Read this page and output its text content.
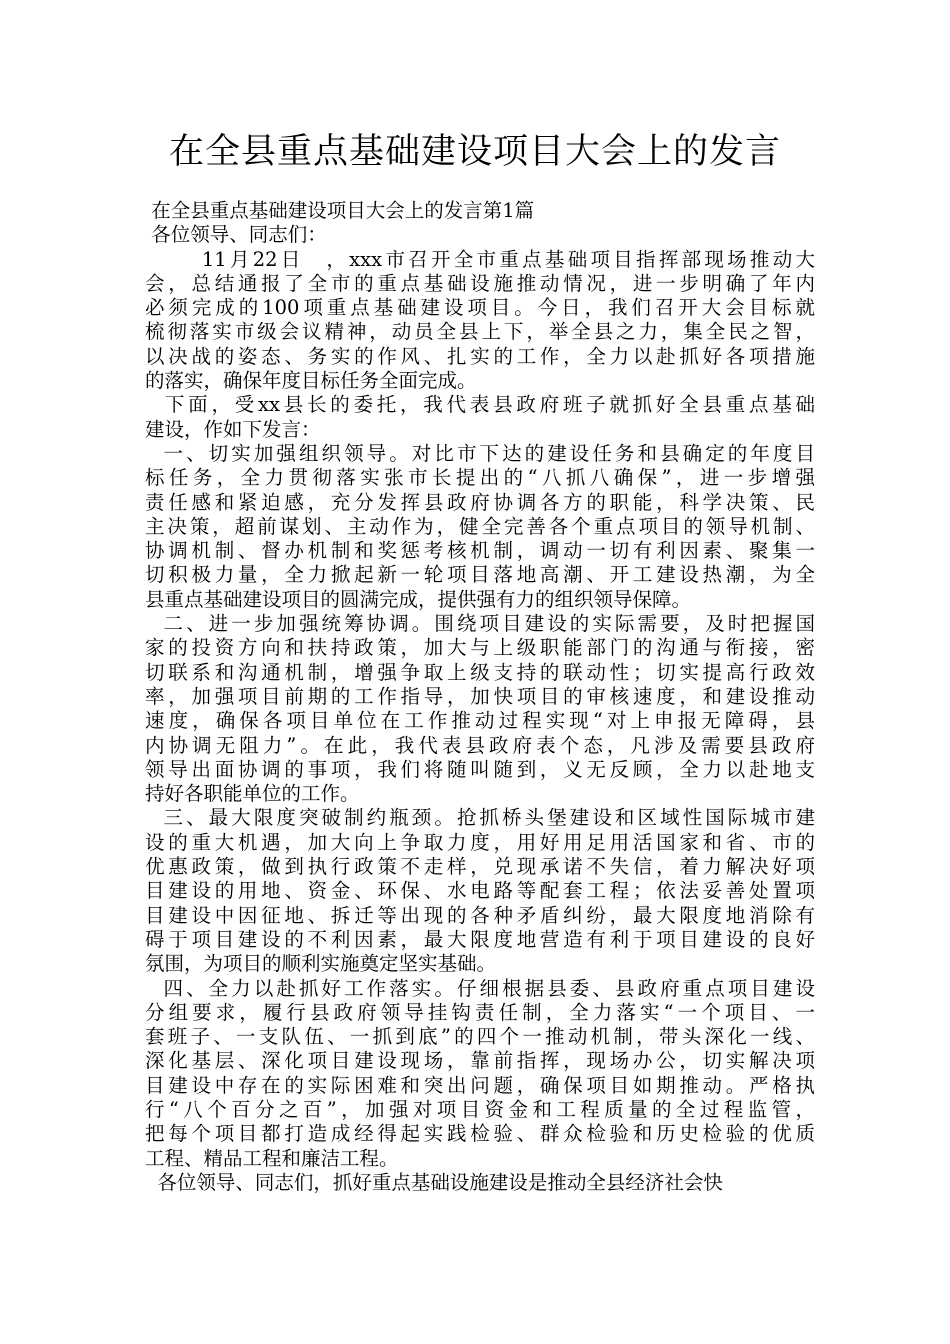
在全县重点基础建设项目大会上的发言
在全县重点基础建设项目大会上的发言第1篇
各位领导、同志们：
11月22日　，xxx市召开全市重点基础项目指挥部现场推动大
会，总结通报了全市的重点基础设施推动情况，进一步明确了年内
必须完成的100项重点基础建设项目。今日，我们召开大会目标就
梳彻落实市级会议精神，动员全县上下，举全县之力，集全民之智，
以决战的姿态、务实的作风、扎实的工作，全力以赴抓好各项措施
的落实，确保年度目标任务全面完成。
下面，受xx县长的委托，我代表县政府班子就抓好全县重点基础
建设，作如下发言：
一、切实加强组织领导。对比市下达的建设任务和县确定的年度目
标任务，全力贯彻落实张市长提出的“八抓八确保”，进一步增强
责任感和紧迫感，充分发挥县政府协调各方的职能，科学决策、民
主决策，超前谋划、主动作为，健全完善各个重点项目的领导机制、
协调机制、督办机制和奖惩考核机制，调动一切有利因素、聚集一
切积极力量，全力掀起新一轮项目落地高潮、开工建设热潮，为全
县重点基础建设项目的圆满完成，提供强有力的组织领导保障。
二、进一步加强统筹协调。围绕项目建设的实际需要，及时把握国
家的投资方向和扶持政策，加大与上级职能部门的沟通与衔接，密
切联系和沟通机制，增强争取上级支持的联动性；切实提高行政效
率，加强项目前期的工作指导，加快项目的审核速度，和建设推动
速度，确保各项目单位在工作推动过程实现“对上申报无障碍，县
内协调无阻力”。在此，我代表县政府表个态，凡涉及需要县政府
领导出面协调的事项，我们将随叫随到，义无反顾，全力以赴地支
持好各职能单位的工作。
三、最大限度突破制约瓶颈。抢抓桥头堡建设和区域性国际城市建
设的重大机遇，加大向上争取力度，用好用足用活国家和省、市的
优惠政策，做到执行政策不走样，兑现承诺不失信，着力解决好项
目建设的用地、资金、环保、水电路等配套工程；依法妥善处置项
目建设中因征地、拆迁等出现的各种矛盾纠纷，最大限度地消除有
碍于项目建设的不利因素，最大限度地营造有利于项目建设的良好
氛围，为项目的顺利实施奠定坚实基础。
四、全力以赴抓好工作落实。仔细根据县委、县政府重点项目建设
分组要求，履行县政府领导挂钩责任制，全力落实“一个项目、一
套班子、一支队伍、一抓到底”的四个一推动机制，带头深化一线、
深化基层、深化项目建设现场，靠前指挥，现场办公，切实解决项
目建设中存在的实际困难和突出问题，确保项目如期推动。严格执
行“八个百分之百”，加强对项目资金和工程质量的全过程监管，
把每个项目都打造成经得起实践检验、群众检验和历史检验的优质
工程、精品工程和廉洁工程。
各位领导、同志们，抓好重点基础设施建设是推动全县经济社会快
